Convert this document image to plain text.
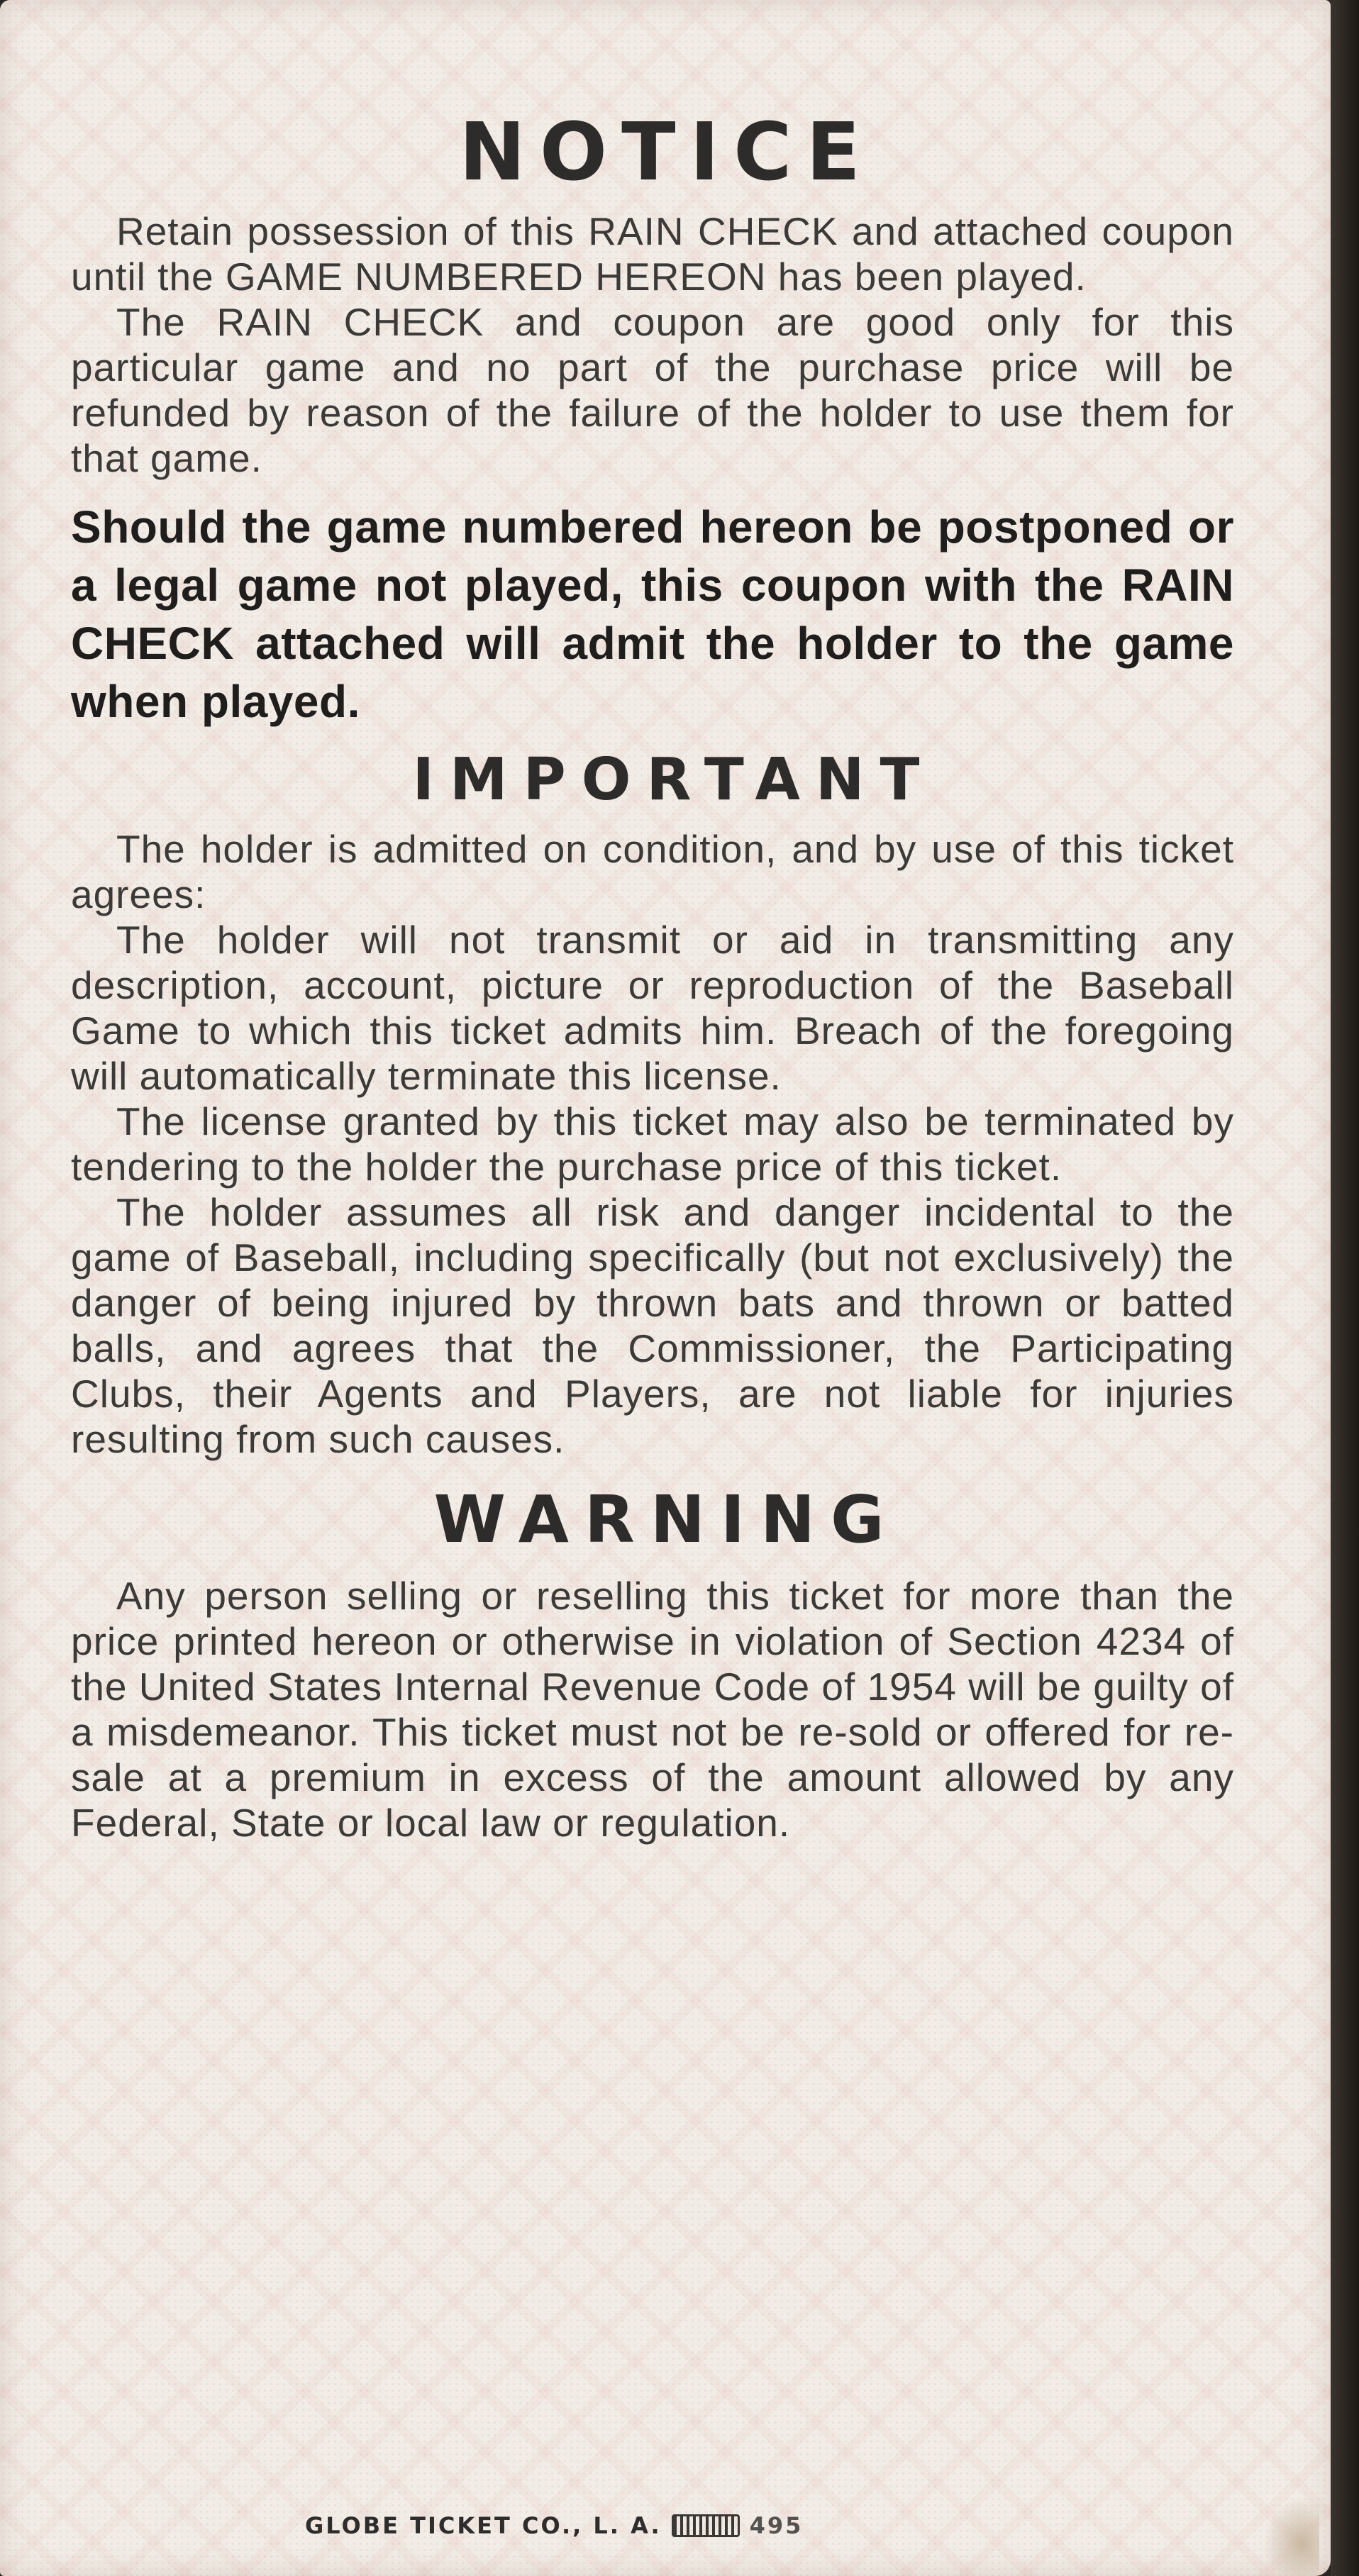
NOTICE

Retain possession of this RAIN CHECK and attached coupon until the GAME NUMBERED HEREON has been played.

The RAIN CHECK and coupon are good only for this particular game and no part of the purchase price will be refunded by reason of the failure of the holder to use them for that game.

Should the game numbered hereon be postponed or a legal game not played, this coupon with the RAIN CHECK attached will admit the holder to the game when played.

IMPORTANT

The holder is admitted on condition, and by use of this ticket agrees:

The holder will not transmit or aid in transmitting any description, account, picture or reproduction of the Baseball Game to which this ticket admits him. Breach of the foregoing will automatically terminate this license.

The license granted by this ticket may also be terminated by tendering to the holder the purchase price of this ticket.

The holder assumes all risk and danger incidental to the game of Baseball, including specifically (but not exclusively) the danger of being injured by thrown bats and thrown or batted balls, and agrees that the Commissioner, the Participating Clubs, their Agents and Players, are not liable for injuries resulting from such causes.

WARNING

Any person selling or reselling this ticket for more than the price printed hereon or otherwise in violation of Section 4234 of the United States Internal Revenue Code of 1954 will be guilty of a misdemeanor. This ticket must not be re-sold or offered for re-sale at a premium in excess of the amount allowed by any Federal, State or local law or regulation.

GLOBE TICKET CO., L. A.	495
